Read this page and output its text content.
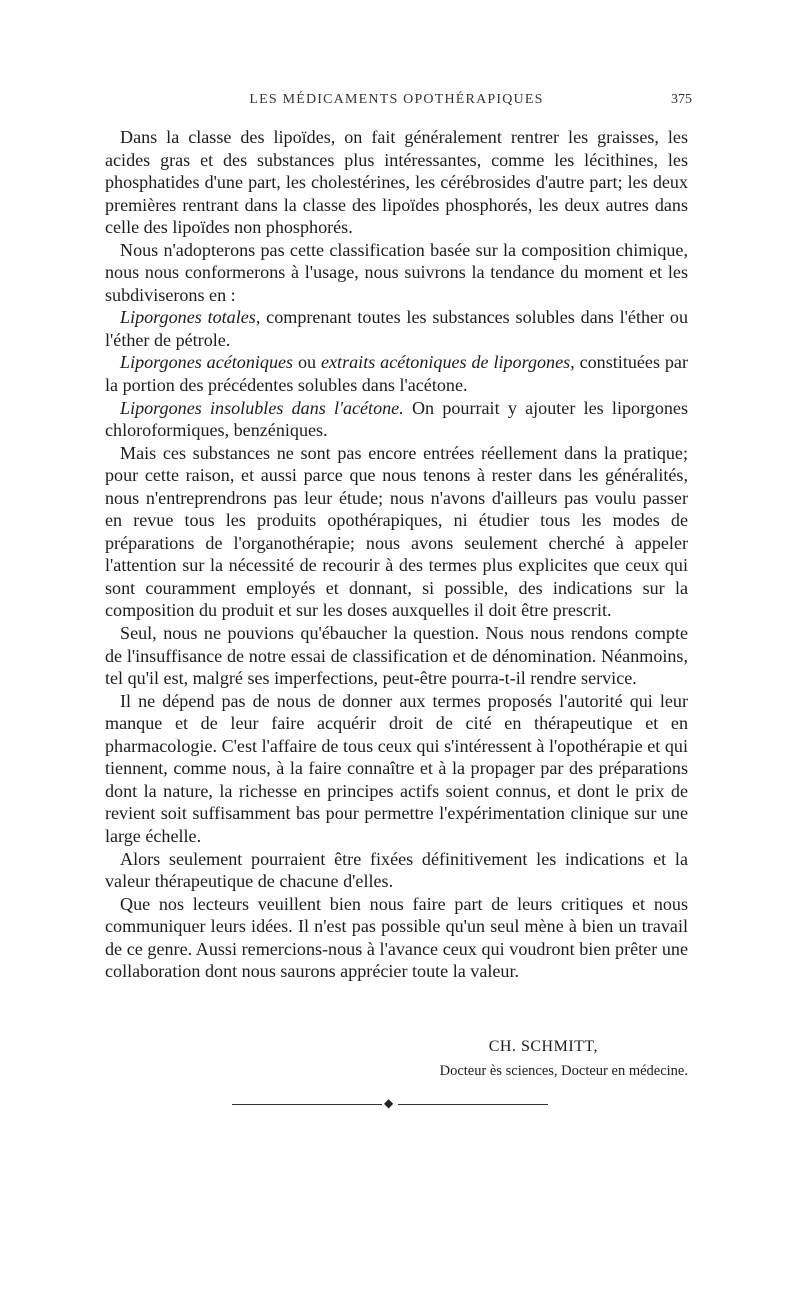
LES MÉDICAMENTS OPOTHÉRAPIQUES	375

Dans la classe des lipoïdes, on fait généralement rentrer les graisses, les acides gras et des substances plus intéressantes, comme les lécithines, les phosphatides d'une part, les cholestérines, les cérébrosides d'autre part; les deux premières rentrant dans la classe des lipoïdes phosphorés, les deux autres dans celle des lipoïdes non phosphorés.

Nous n'adopterons pas cette classification basée sur la composition chimique, nous nous conformerons à l'usage, nous suivrons la tendance du moment et les subdiviserons en :

Liporgones totales, comprenant toutes les substances solubles dans l'éther ou l'éther de pétrole.

Liporgones acétoniques ou extraits acétoniques de liporgones, constituées par la portion des précédentes solubles dans l'acétone.

Liporgones insolubles dans l'acétone. On pourrait y ajouter les liporgones chloroformiques, benzéniques.

Mais ces substances ne sont pas encore entrées réellement dans la pratique; pour cette raison, et aussi parce que nous tenons à rester dans les généralités, nous n'entreprendrons pas leur étude; nous n'avons d'ailleurs pas voulu passer en revue tous les produits opothérapiques, ni étudier tous les modes de préparations de l'organothérapie; nous avons seulement cherché à appeler l'attention sur la nécessité de recourir à des termes plus explicites que ceux qui sont couramment employés et donnant, si possible, des indications sur la composition du produit et sur les doses auxquelles il doit être prescrit.

Seul, nous ne pouvions qu'ébaucher la question. Nous nous rendons compte de l'insuffisance de notre essai de classification et de dénomination. Néanmoins, tel qu'il est, malgré ses imperfections, peut-être pourra-t-il rendre service.

Il ne dépend pas de nous de donner aux termes proposés l'autorité qui leur manque et de leur faire acquérir droit de cité en thérapeutique et en pharmacologie. C'est l'affaire de tous ceux qui s'intéressent à l'opothérapie et qui tiennent, comme nous, à la faire connaître et à la propager par des préparations dont la nature, la richesse en principes actifs soient connus, et dont le prix de revient soit suffisamment bas pour permettre l'expérimentation clinique sur une large échelle.

Alors seulement pourraient être fixées définitivement les indications et la valeur thérapeutique de chacune d'elles.

Que nos lecteurs veuillent bien nous faire part de leurs critiques et nous communiquer leurs idées. Il n'est pas possible qu'un seul mène à bien un travail de ce genre. Aussi remercions-nous à l'avance ceux qui voudront bien prêter une collaboration dont nous saurons apprécier toute la valeur.

CH. SCHMITT,
Docteur ès sciences, Docteur en médecine.
◆
